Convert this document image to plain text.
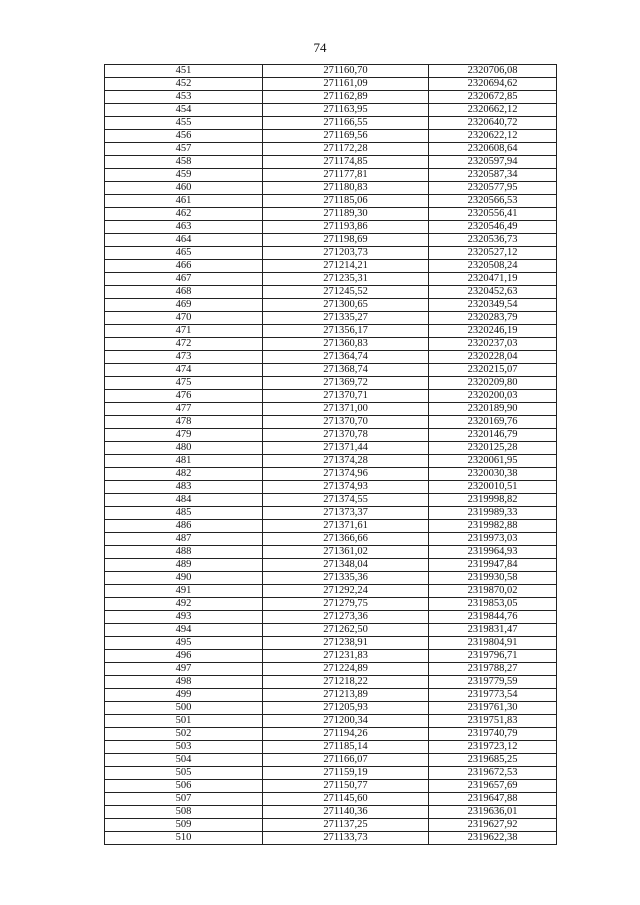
74
451	271160,70	2320706,08
452	271161,09	2320694,62
453	271162,89	2320672,85
454	271163,95	2320662,12
455	271166,55	2320640,72
456	271169,56	2320622,12
457	271172,28	2320608,64
458	271174,85	2320597,94
459	271177,81	2320587,34
460	271180,83	2320577,95
461	271185,06	2320566,53
462	271189,30	2320556,41
463	271193,86	2320546,49
464	271198,69	2320536,73
465	271203,73	2320527,12
466	271214,21	2320508,24
467	271235,31	2320471,19
468	271245,52	2320452,63
469	271300,65	2320349,54
470	271335,27	2320283,79
471	271356,17	2320246,19
472	271360,83	2320237,03
473	271364,74	2320228,04
474	271368,74	2320215,07
475	271369,72	2320209,80
476	271370,71	2320200,03
477	271371,00	2320189,90
478	271370,70	2320169,76
479	271370,78	2320146,79
480	271371,44	2320125,28
481	271374,28	2320061,95
482	271374,96	2320030,38
483	271374,93	2320010,51
484	271374,55	2319998,82
485	271373,37	2319989,33
486	271371,61	2319982,88
487	271366,66	2319973,03
488	271361,02	2319964,93
489	271348,04	2319947,84
490	271335,36	2319930,58
491	271292,24	2319870,02
492	271279,75	2319853,05
493	271273,36	2319844,76
494	271262,50	2319831,47
495	271238,91	2319804,91
496	271231,83	2319796,71
497	271224,89	2319788,27
498	271218,22	2319779,59
499	271213,89	2319773,54
500	271205,93	2319761,30
501	271200,34	2319751,83
502	271194,26	2319740,79
503	271185,14	2319723,12
504	271166,07	2319685,25
505	271159,19	2319672,53
506	271150,77	2319657,69
507	271145,60	2319647,88
508	271140,36	2319636,01
509	271137,25	2319627,92
510	271133,73	2319622,38
